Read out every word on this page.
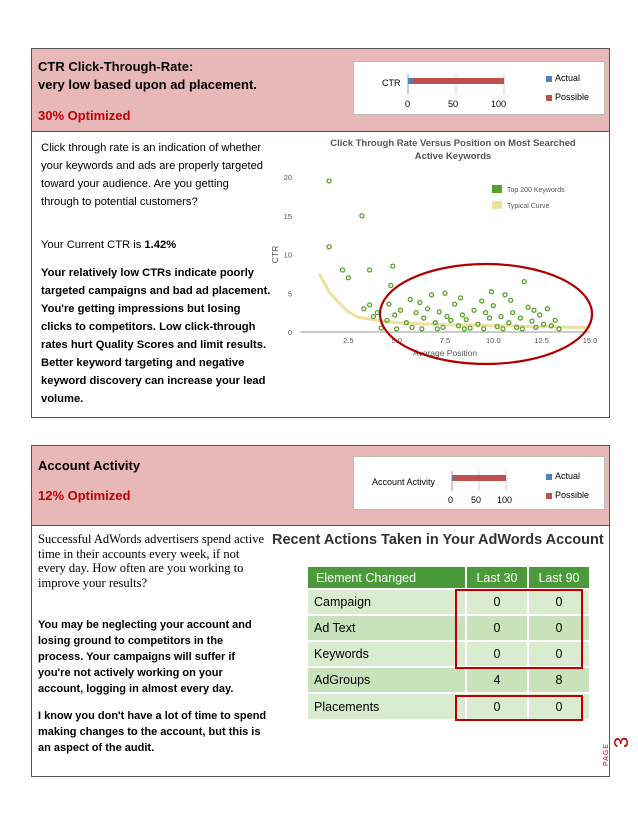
CTR Click-Through-Rate:
very low based upon ad placement.
30% Optimized
CTR
0	50	100
Actual
Possible
Click through rate is an indication of whether your keywords and ads are properly targeted toward your audience. Are you getting through to potential customers?
Your Current CTR is 1.42%
Your relatively low CTRs indicate poorly targeted campaigns and bad ad placement. You're getting impressions but losing clicks to competitors. Low click-through rates hurt Quality Scores and limit results. Better keyword targeting and negative keyword discovery can increase your lead volume.
Click Through Rate Versus Position on Most Searched
Active Keywords
0
5
10
15
20
2.5	5.0	7.5	10.0	12.5	15.0
Average Position
CTR
Top 200 Keywords
Typical Curve
Account Activity
12% Optimized
Account Activity
0 50 100
Actual
Possible
Successful AdWords advertisers spend active time in their accounts every week, if not every day. How often are you working to improve your results?
You may be neglecting your account and losing ground to competitors in the process. Your campaigns will suffer if you're not actively working on your account, logging in almost every day.
I know you don't have a lot of time to spend making changes to the account, but this is an aspect of the audit.
Recent Actions Taken in Your AdWords Account
Element Changed	Last 30	Last 90
Campaign	0	0
Ad Text	0	0
Keywords	0	0
AdGroups	4	8
Placements	0	0
PAGE
3
